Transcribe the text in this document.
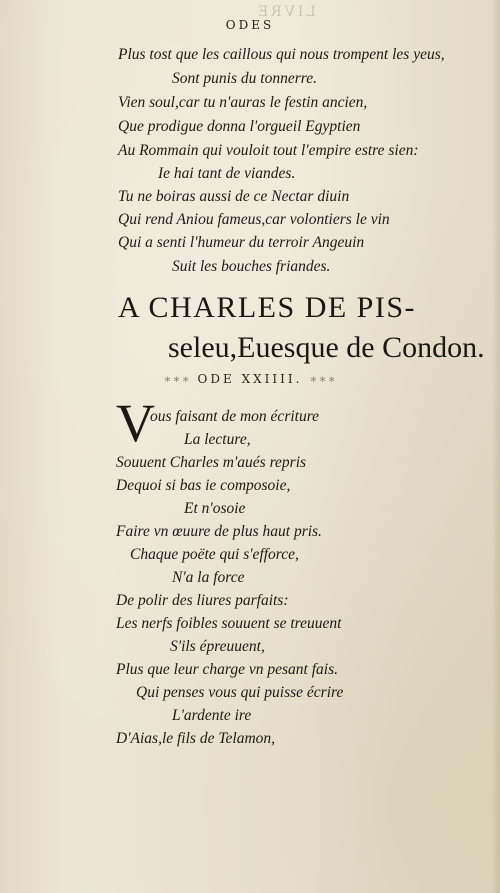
LIVRE
ODES
Plus tost que les caillous qui nous trompent les yeus,
Sont punis du tonnerre.
Vien soul,car tu n'auras le festin ancien,
Que prodigue donna l'orgueil Egyptien
Au Rommain qui vouloit tout l'empire estre sien:
Ie hai tant de viandes.
Tu ne boiras aussi de ce Nectar diuin
Qui rend Aniou fameus,car volontiers le vin
Qui a senti l'humeur du terroir Angeuin
Suit les bouches friandes.
A CHARLES DE PIS-
seleu,Euesque de Condon.
∗∗∗ ODE XXIIII. ∗∗∗
V
ous faisant de mon écriture
La lecture,
Souuent Charles m'aués repris
Dequoi si bas ie composoie,
Et n'osoie
Faire vn œuure de plus haut pris.
Chaque poëte qui s'efforce,
N'a la force
De polir des liures parfaits:
Les nerfs foibles souuent se treuuent
S'ils épreuuent,
Plus que leur charge vn pesant fais.
Qui penses vous qui puisse écrire
L'ardente ire
D'Aias,le fils de Telamon,
